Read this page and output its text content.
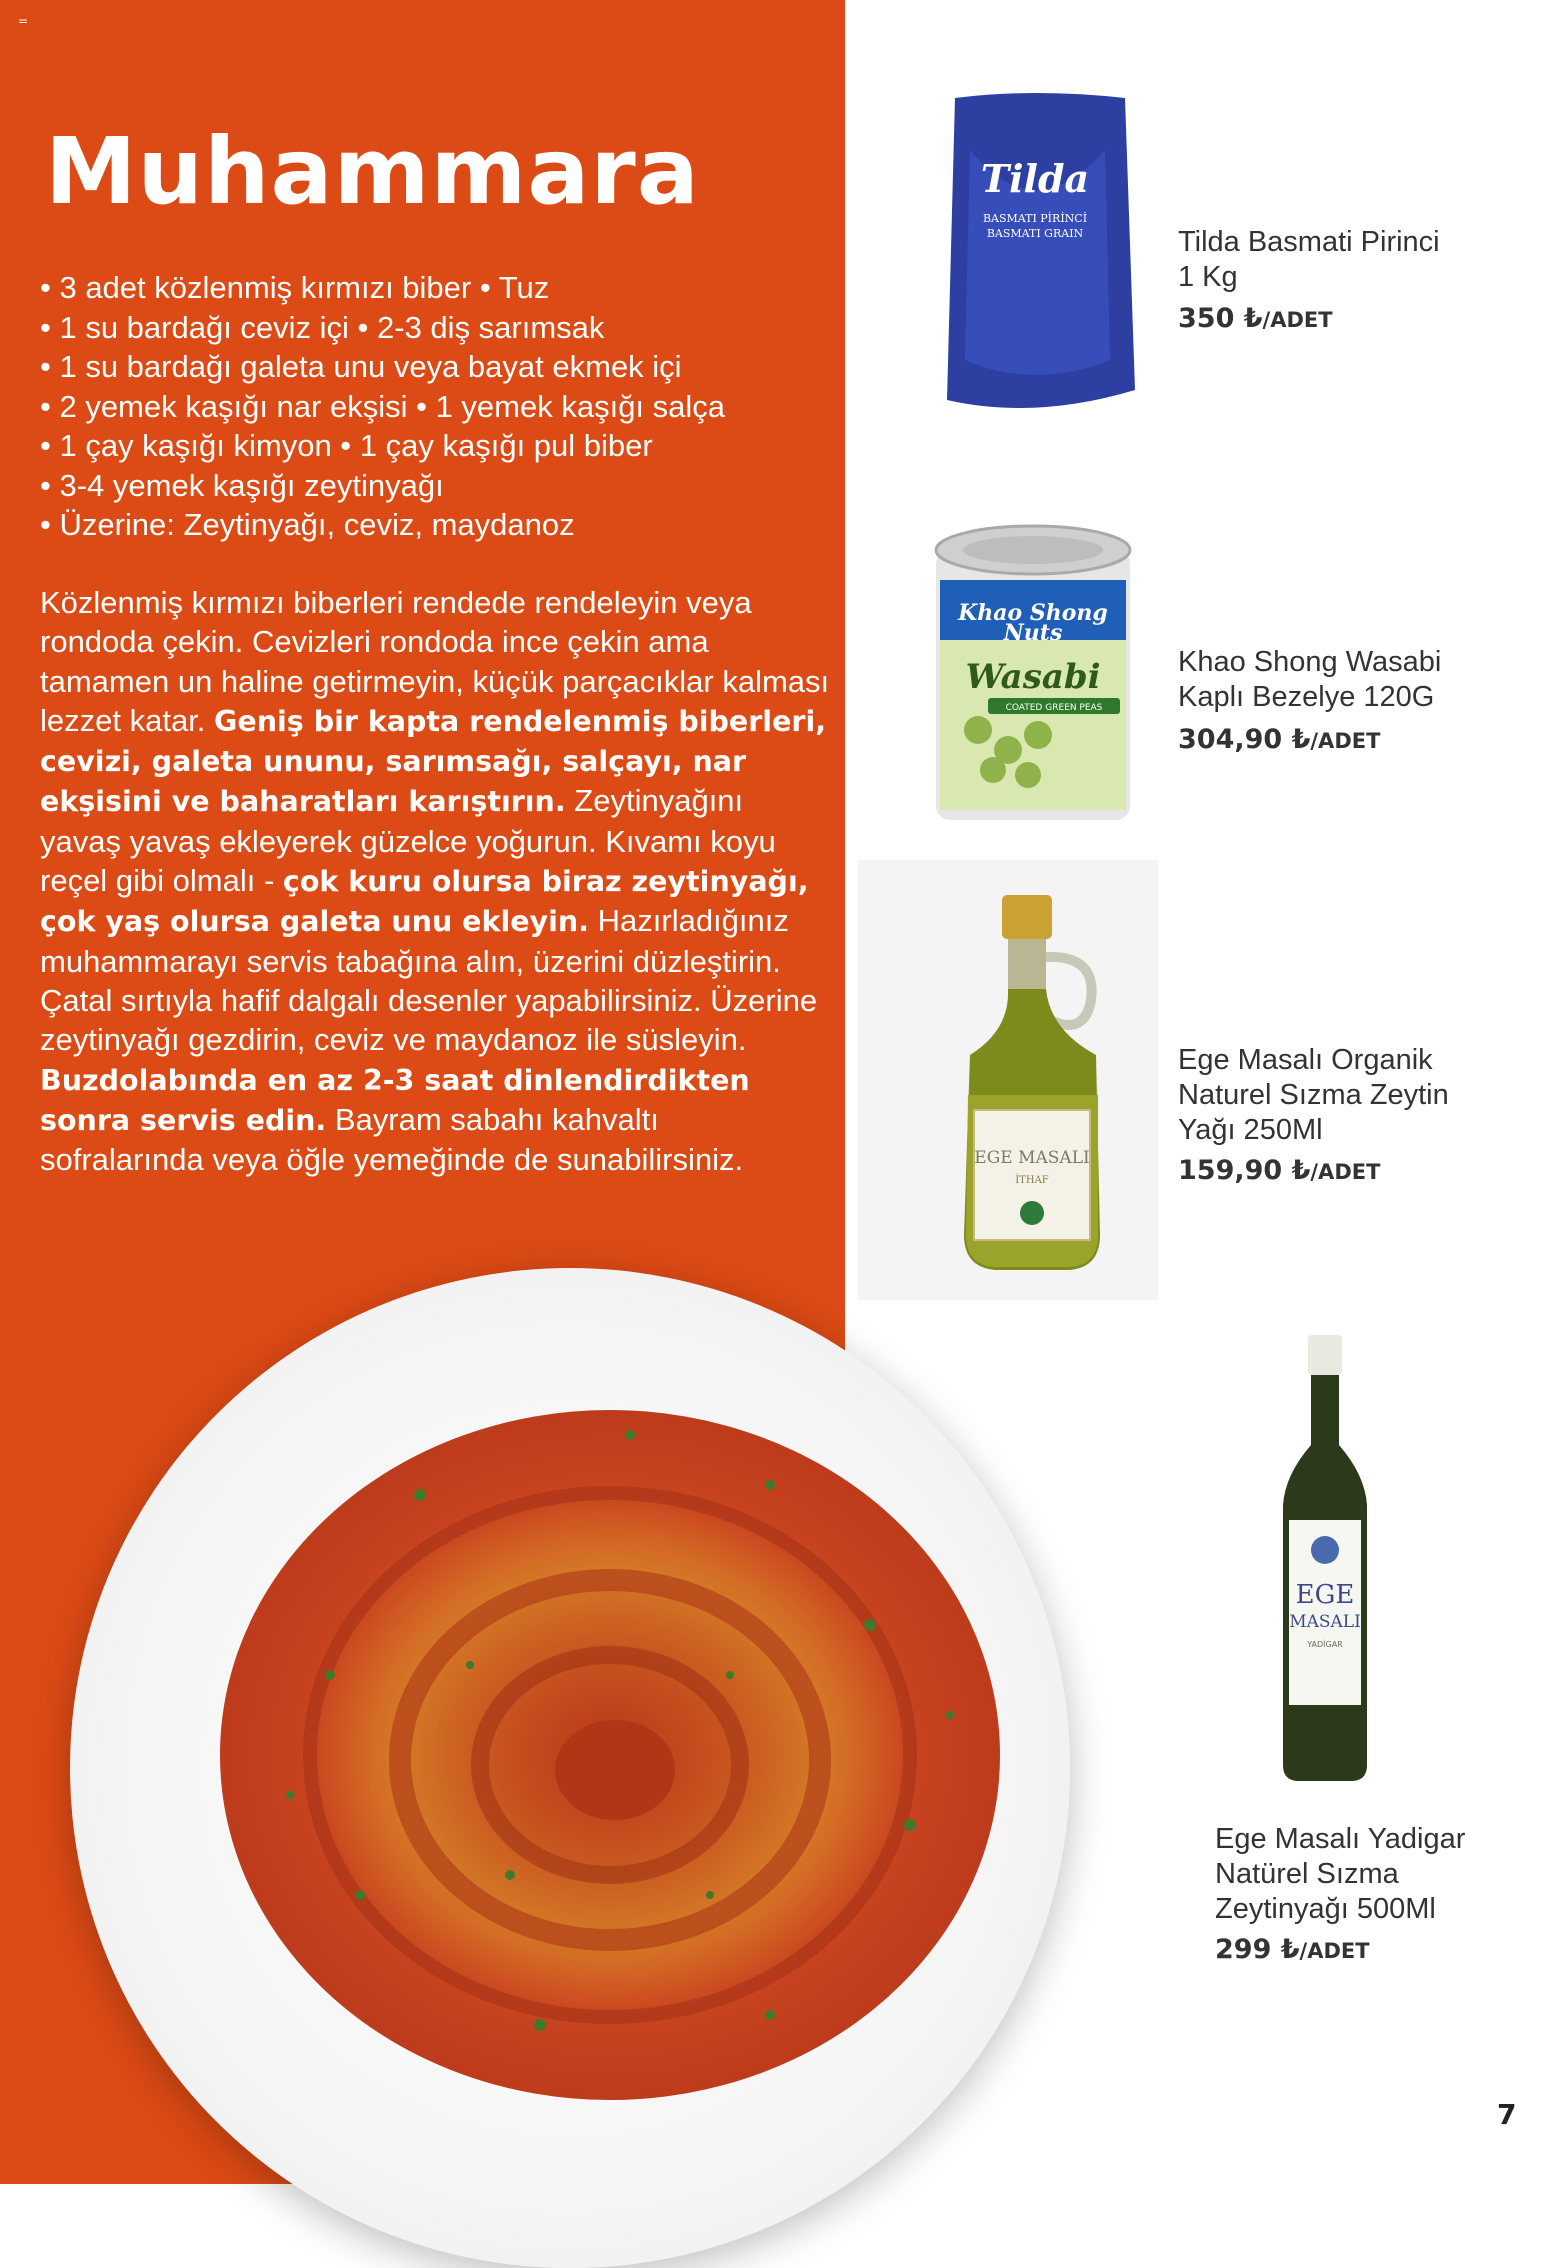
=
Muhammara
• 3 adet közlenmiş kırmızı biber • Tuz
• 1 su bardağı ceviz içi • 2-3 diş sarımsak
• 1 su bardağı galeta unu veya bayat ekmek içi
• 2 yemek kaşığı nar ekşisi • 1 yemek kaşığı salça
• 1 çay kaşığı kimyon • 1 çay kaşığı pul biber
• 3-4 yemek kaşığı zeytinyağı
• Üzerine: Zeytinyağı, ceviz, maydanoz

Közlenmiş kırmızı biberleri rendede rendeleyin veya rondoda çekin. Cevizleri rondoda ince çekin ama tamamen un haline getirmeyin, küçük parçacıklar kalması lezzet katar. Geniş bir kapta rendelenmiş biberleri, cevizi, galeta ununu, sarımsağı, salçayı, nar ekşisini ve baharatları karıştırın. Zeytinyağını yavaş yavaş ekleyerek güzelce yoğurun. Kıvamı koyu reçel gibi olmalı - çok kuru olursa biraz zeytinyağı, çok yaş olursa galeta unu ekleyin. Hazırladığınız muhammarayı servis tabağına alın, üzerini düzleştirin. Çatal sırtıyla hafif dalgalı desenler yapabilirsiniz. Üzerine zeytinyağı gezdirin, ceviz ve maydanoz ile süsleyin. Buzdolabında en az 2-3 saat dinlendirdikten sonra servis edin. Bayram sabahı kahvaltı sofralarında veya öğle yemeğinde de sunabilirsiniz.

Tilda
BASMATI PİRİNCİ
BASMATI GRAIN	Tilda Basmati Pirinci
1 Kg

350 ₺/ADET
Khao Shong
Nuts
Wasabi
COATED GREEN PEAS

Khao Shong Wasabi
Kaplı Bezelye 120G

304,90 ₺/ADET
EGE MASALI
İTHAF

Ege Masalı Organik
Naturel Sızma Zeytin
Yağı 250Ml

159,90 ₺/ADET
EGE
MASALI
YADİGAR

Ege Masalı Yadigar
Natürel Sızma
Zeytinyağı 500Ml

299 ₺/ADET
7
